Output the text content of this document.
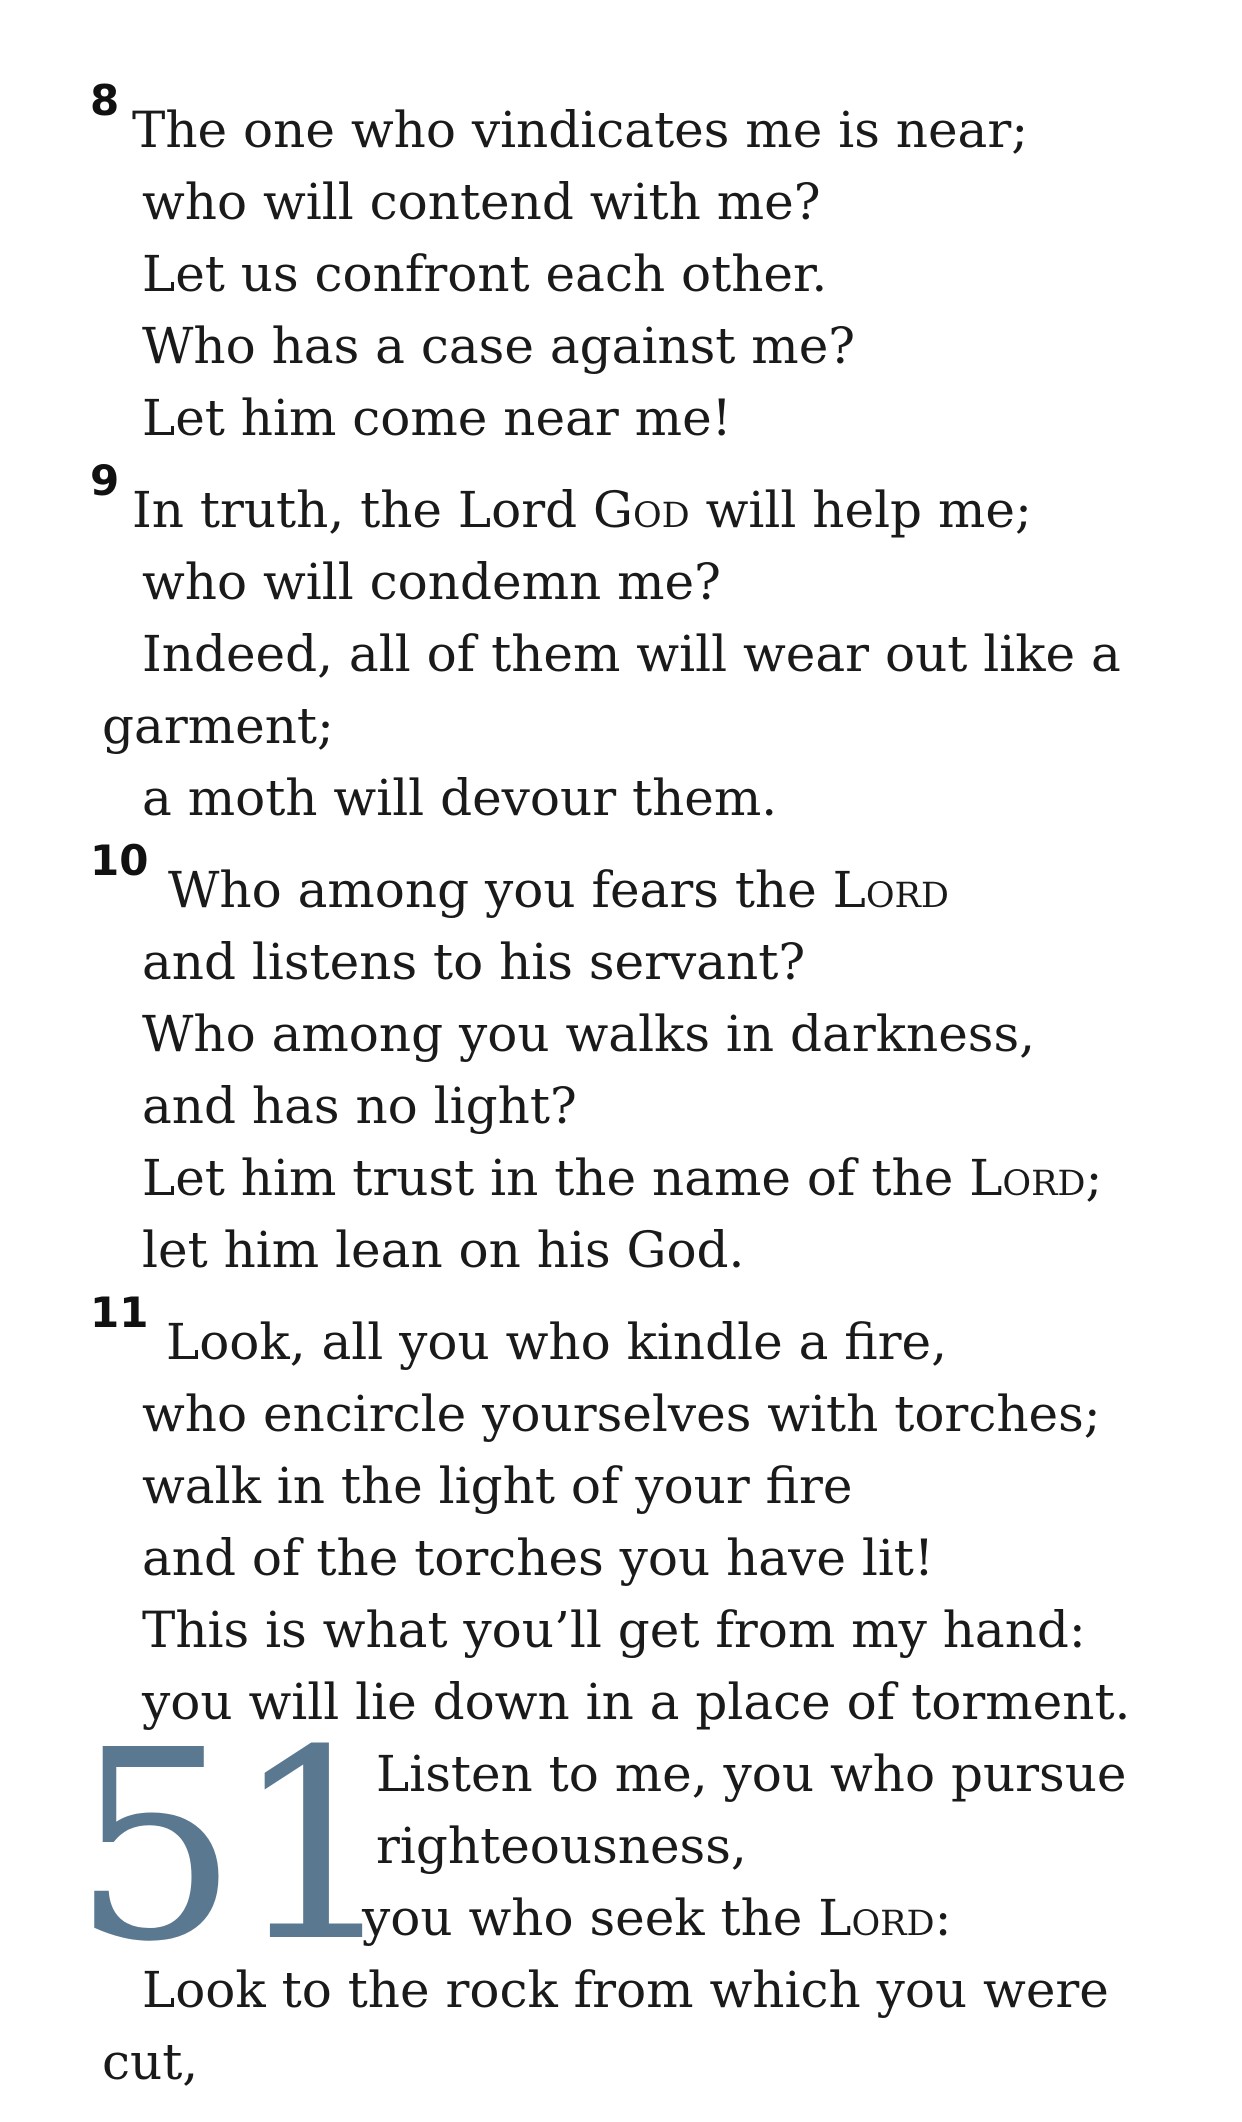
8
The one who vindicates me is near;
who will contend with me?
Let us confront each other.
Who has a case against me?
Let him come near me!
9
In truth, the Lord God will help me;
who will condemn me?
Indeed, all of them will wear out like a
garment;
a moth will devour them.
10
Who among you fears the Lord
and listens to his servant?
Who among you walks in darkness,
and has no light?
Let him trust in the name of the Lord;
let him lean on his God.
11
Look, all you who kindle a fire,
who encircle yourselves with torches;
walk in the light of your fire
and of the torches you have lit!
This is what you’ll get from my hand:
you will lie down in a place of torment.
51
Listen to me, you who pursue
righteousness,
you who seek the Lord:
Look to the rock from which you were
cut,
